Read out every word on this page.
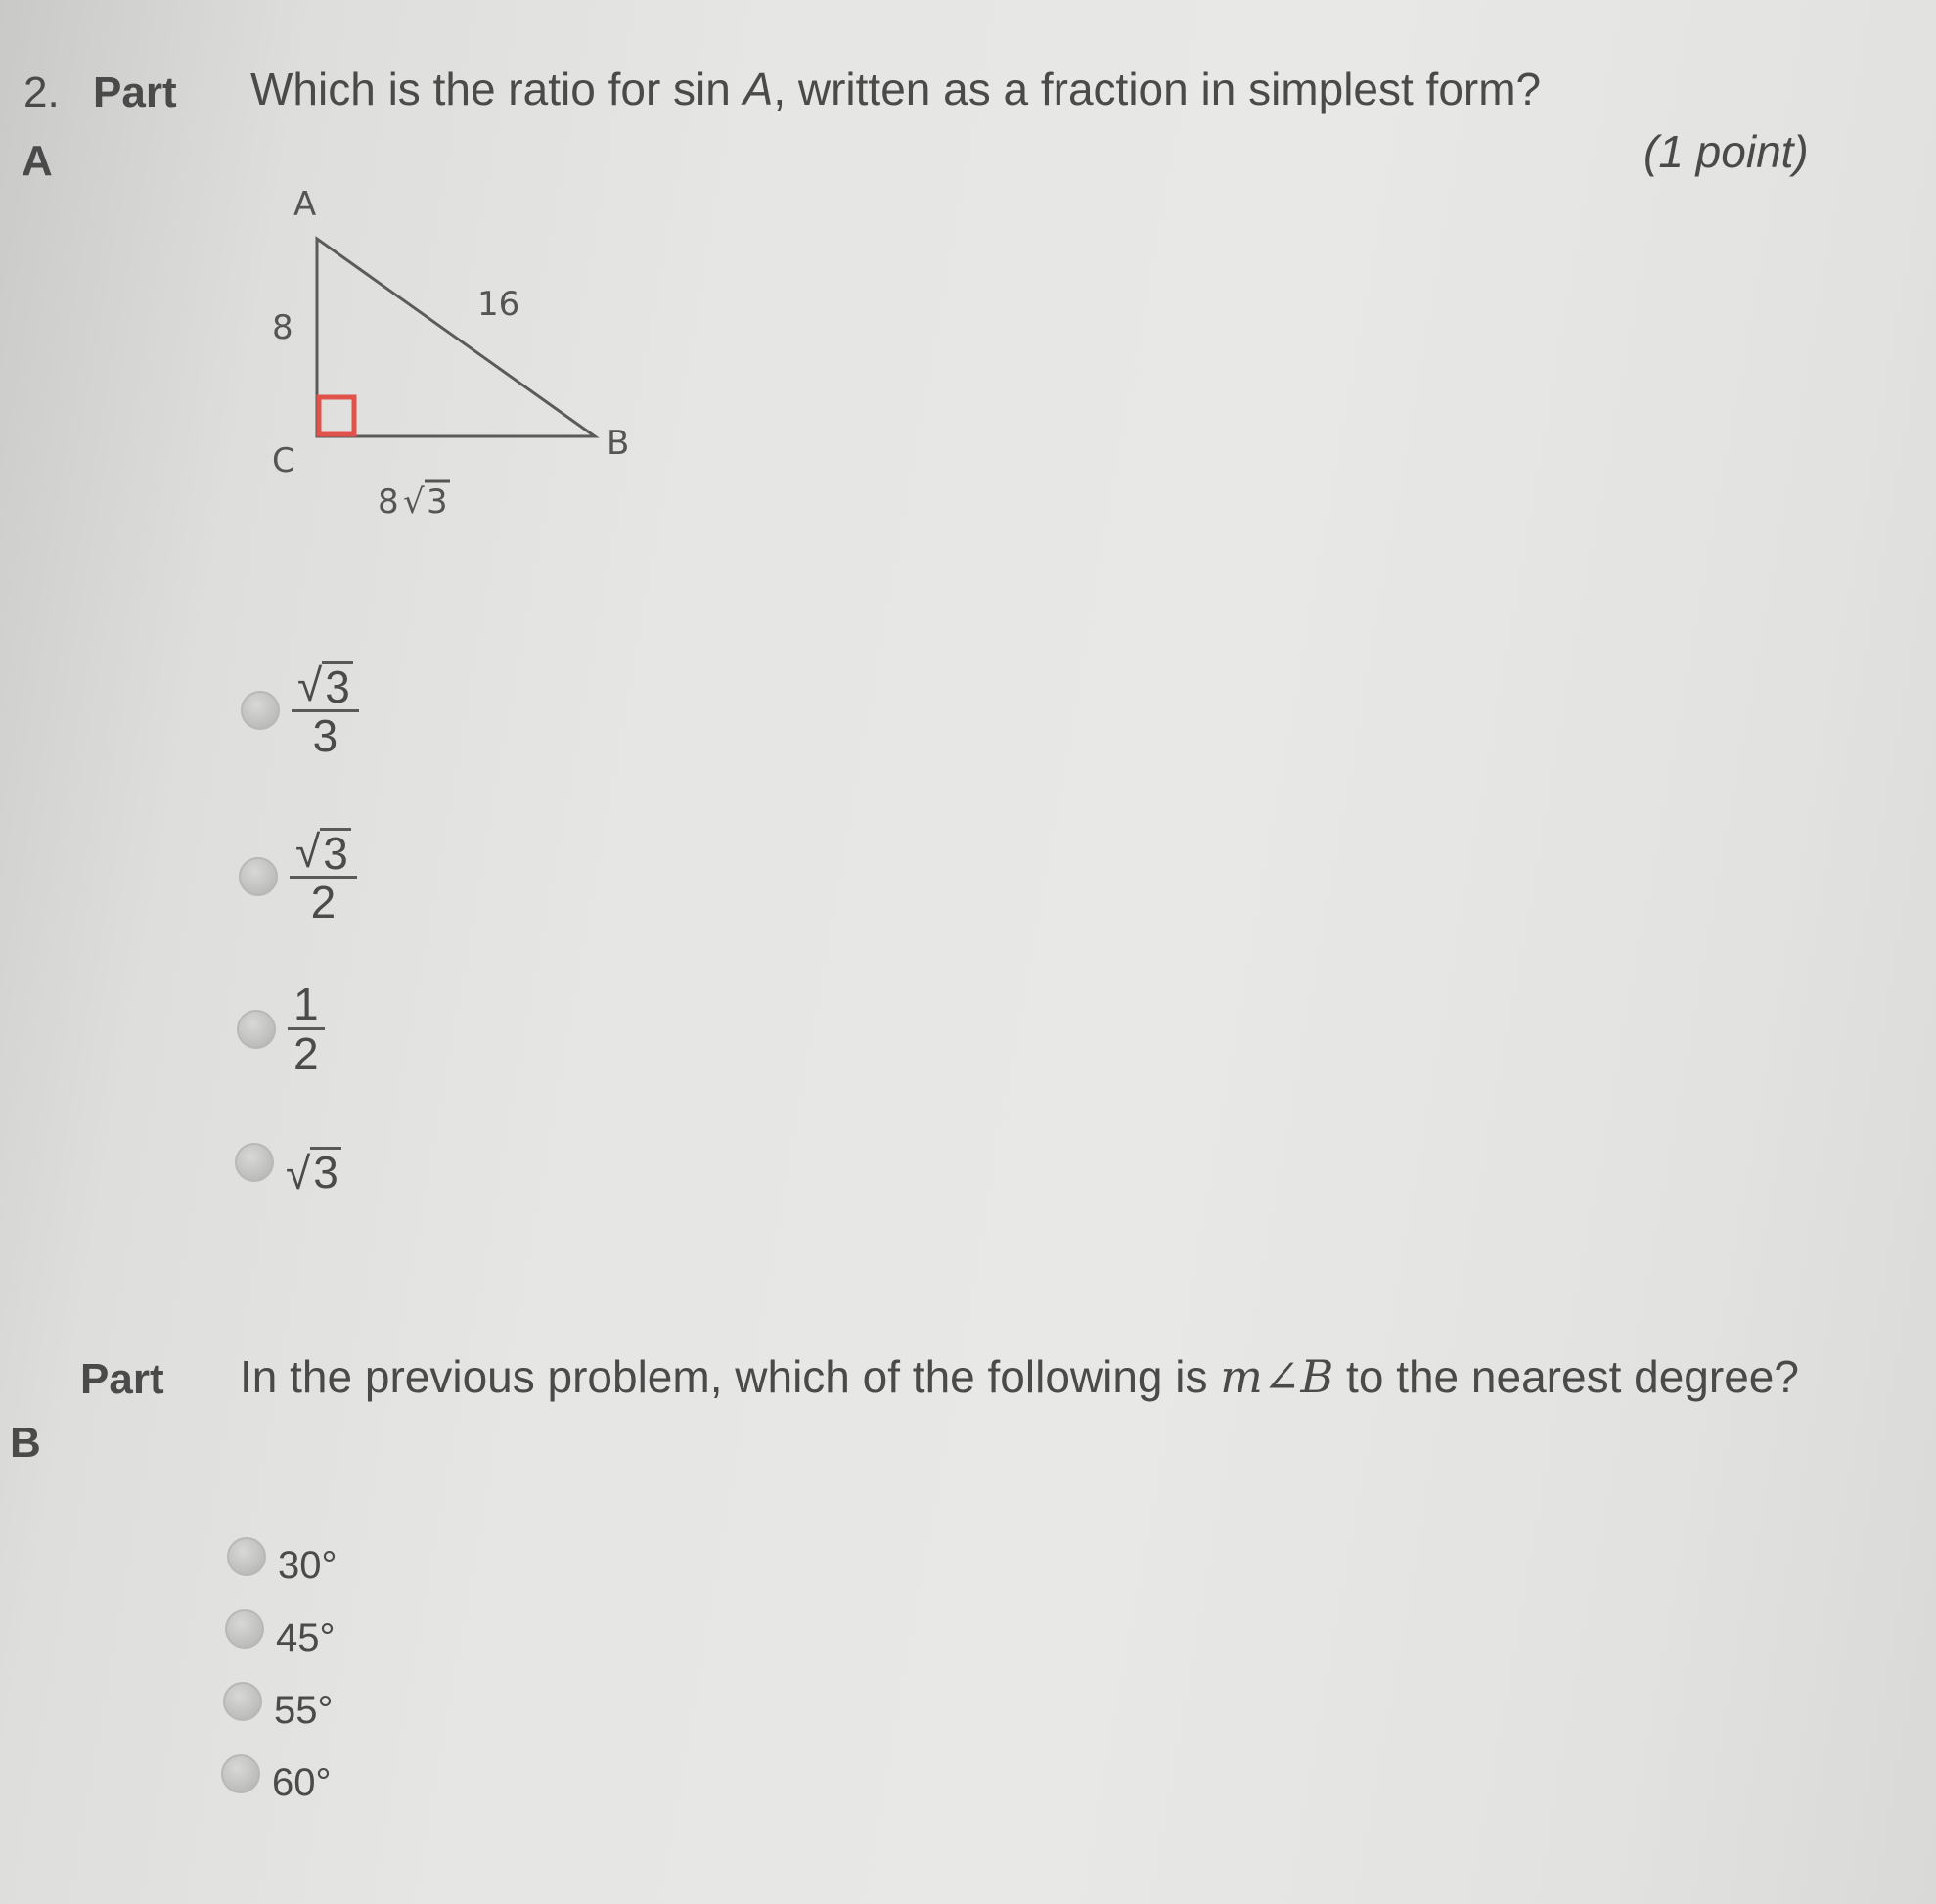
2. Part
A
Which is the ratio for sin A, written as a fraction in simplest form?
(1 point)
A
C	B
8
16
8 √ 3
$\frac{√ 3}{3}$
$\frac{√ 3}{2}$
$\frac{1}{2}$
√ 3
Part
B
In the previous problem, which of the following is m∠B to the nearest degree?
30°
45°
55°
60°
